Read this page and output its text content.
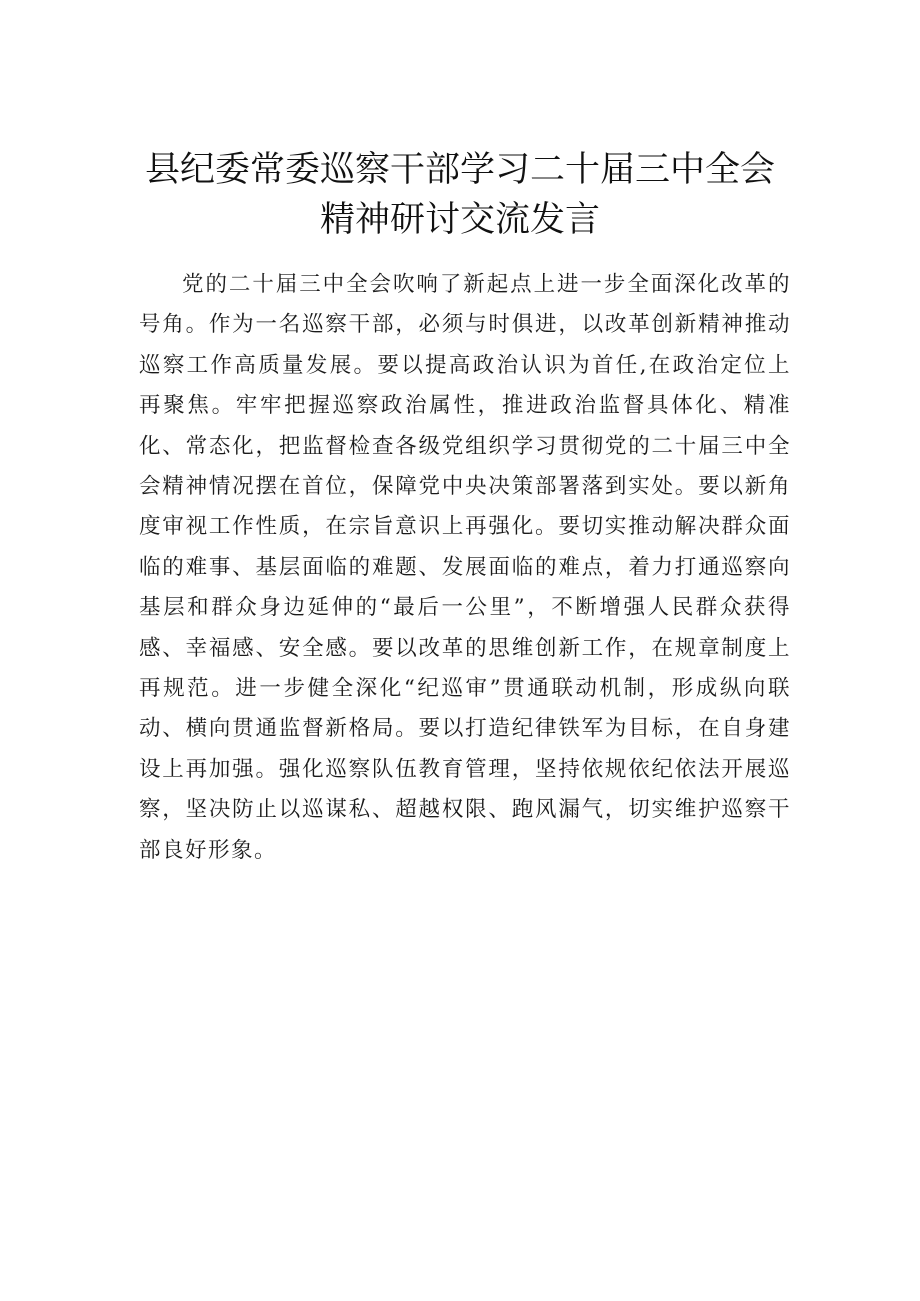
县纪委常委巡察干部学习二十届三中全会精神研讨交流发言

党的二十届三中全会吹响了新起点上进一步全面深化改革的号角。作为一名巡察干部，必须与时俱进，以改革创新精神推动巡察工作高质量发展。要以提高政治认识为首任,在政治定位上再聚焦。牢牢把握巡察政治属性，推进政治监督具体化、精准化、常态化，把监督检查各级党组织学习贯彻党的二十届三中全会精神情况摆在首位，保障党中央决策部署落到实处。要以新角度审视工作性质，在宗旨意识上再强化。要切实推动解决群众面临的难事、基层面临的难题、发展面临的难点，着力打通巡察向基层和群众身边延伸的“最后一公里”，不断增强人民群众获得感、幸福感、安全感。要以改革的思维创新工作，在规章制度上再规范。进一步健全深化“纪巡审”贯通联动机制，形成纵向联动、横向贯通监督新格局。要以打造纪律铁军为目标，在自身建设上再加强。强化巡察队伍教育管理，坚持依规依纪依法开展巡察，坚决防止以巡谋私、超越权限、跑风漏气，切实维护巡察干部良好形象。
